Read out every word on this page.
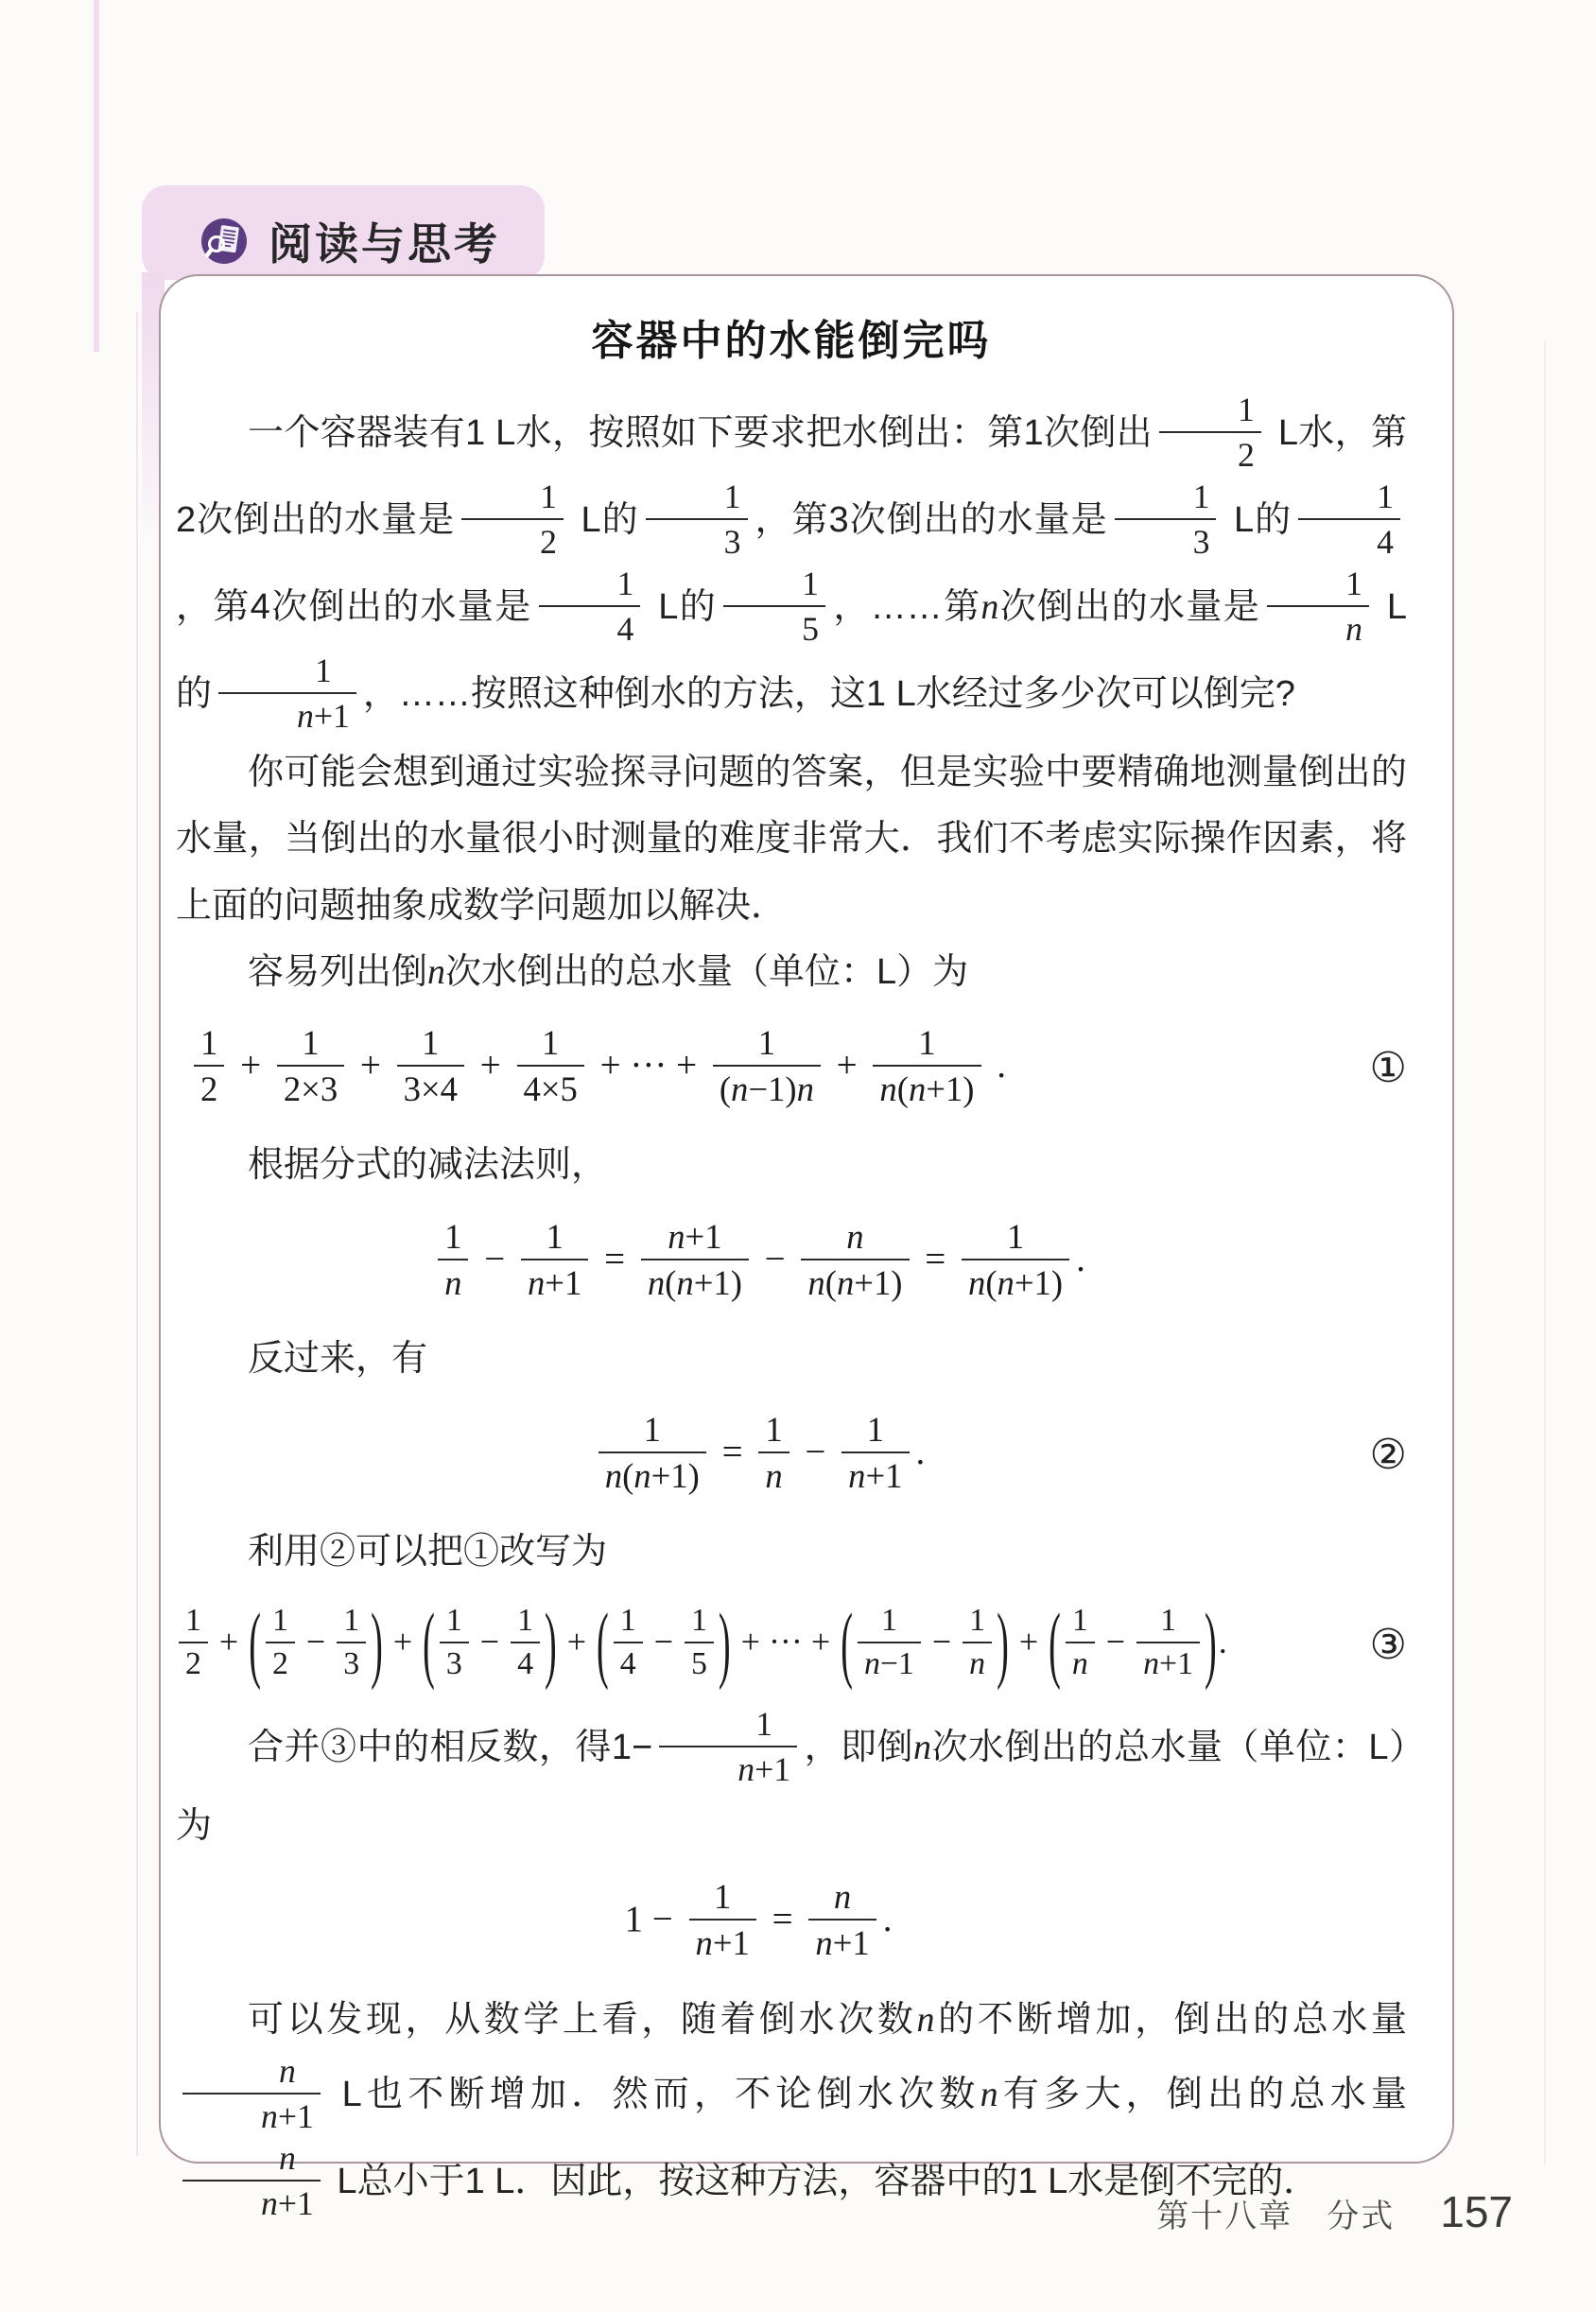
阅读与思考
容器中的水能倒完吗

一个容器装有1 L水，按照如下要求把水倒出：第1次倒出 $\frac{1}{2}$ L水，第2次倒出的水量是 $\frac{1}{2}$ L的 $\frac{1}{3}$ ，第3次倒出的水量是 $\frac{1}{3}$ L的 $\frac{1}{4}$
，第4次倒出的水量是 $\frac{1}{4}$ L的 $\frac{1}{5}$ ，……第n次倒出的水量是 $\frac{1}{n}$ L的 $\frac{1}{n+1}$ ，……按照这种倒水的方法，这1 L水经过多少次可以倒完?

你可能会想到通过实验探寻问题的答案，但是实验中要精确地测量倒出的水量，当倒出的水量很小时测量的难度非常大．我们不考虑实际操作因素，将上面的问题抽象成数学问题加以解决．

容易列出倒n次水倒出的总水量（单位：L）为

$\frac{1}{2} + \frac{1}{2\times 3} + \frac{1}{3\times 4} + \frac{1}{4\times 5}$ + ··· + $\frac{1}{(n-1)n} + \frac{1}{n(n+1)}$ .	①

根据分式的减法法则，

$\frac{1}{n} - \frac{1}{n+1} = \frac{n+1}{n(n+1)} - \frac{n}{n(n+1)} = \frac{1}{n(n+1)}$ .

反过来，有

$\frac{1}{n(n+1)} = \frac{1}{n} - \frac{1}{n+1}$ .	②

利用②可以把①改写为

$\frac{1}{2}$ + ( $\frac{1}{2} - \frac{1}{3}$ ) + ( $\frac{1}{3} - \frac{1}{4}$ ) + ( $\frac{1}{4} - \frac{1}{5}$ ) + ··· + ( $\frac{1}{n-1} - \frac{1}{n}$ ) + ( $\frac{1}{n} - \frac{1}{n+1}$ ).	③

合并③中的相反数，得$1- \frac{1}{n+1}$ ，即倒n次水倒出的总水量（单位：L）为

$1 - \frac{1}{n+1} = \frac{n}{n+1}$ .

可以发现，从数学上看，随着倒水次数n的不断增加，倒出的总水量
$\frac{n}{n+1}$ L也不断增加．然而，不论倒水次数n有多大，倒出的总水量
$\frac{n}{n+1}$ L总小于1 L．因此，按这种方法，容器中的1 L水是倒不完的．

第十八章　分式 157
